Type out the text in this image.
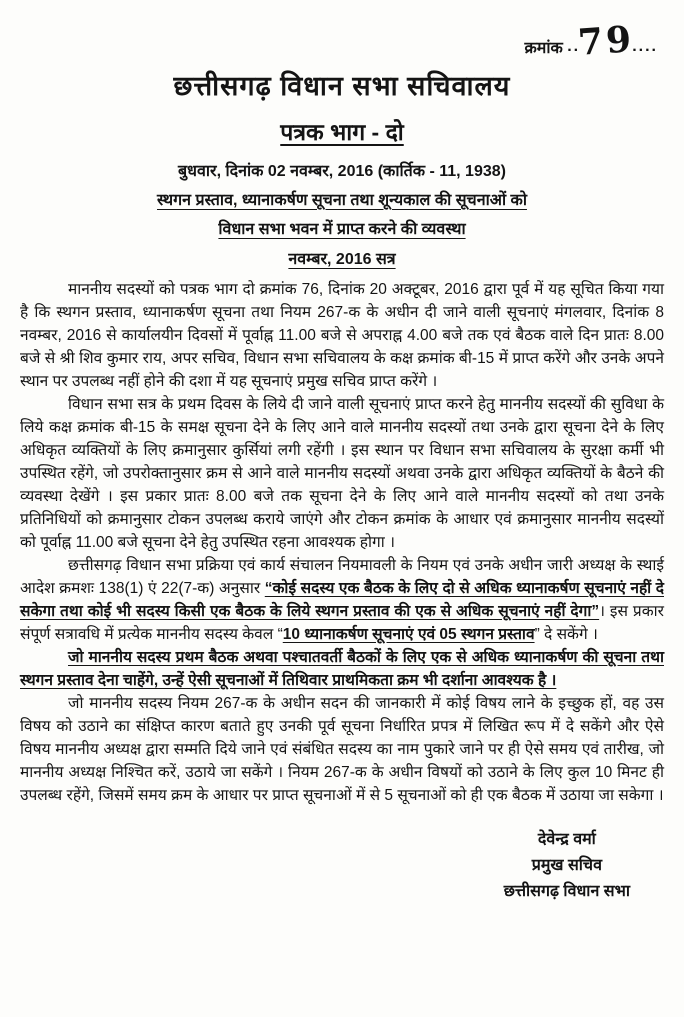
क्रमांक ..79....
छत्तीसगढ़ विधान सभा सचिवालय
पत्रक भाग - दो
बुधवार, दिनांक 02 नवम्बर, 2016 (कार्तिक - 11, 1938)
स्थगन प्रस्ताव, ध्यानाकर्षण सूचना तथा शून्यकाल की सूचनाओं को
विधान सभा भवन में प्राप्त करने की व्यवस्था
नवम्बर, 2016 सत्र

माननीय सदस्यों को पत्रक भाग दो क्रमांक 76, दिनांक 20 अक्टूबर, 2016 द्वारा पूर्व में यह सूचित किया गया है कि स्थगन प्रस्ताव, ध्यानाकर्षण सूचना तथा नियम 267-क के अधीन दी जाने वाली सूचनाएं मंगलवार, दिनांक 8 नवम्बर, 2016 से कार्यालयीन दिवसों में पूर्वाह्न 11.00 बजे से अपराह्न 4.00 बजे तक एवं बैठक वाले दिन प्रातः 8.00 बजे से श्री शिव कुमार राय, अपर सचिव, विधान सभा सचिवालय के कक्ष क्रमांक बी-15 में प्राप्त करेंगे और उनके अपने स्थान पर उपलब्ध नहीं होने की दशा में यह सूचनाएं प्रमुख सचिव प्राप्त करेंगे ।

विधान सभा सत्र के प्रथम दिवस के लिये दी जाने वाली सूचनाएं प्राप्त करने हेतु माननीय सदस्यों की सुविधा के लिये कक्ष क्रमांक बी-15 के समक्ष सूचना देने के लिए आने वाले माननीय सदस्यों तथा उनके द्वारा सूचना देने के लिए अधिकृत व्यक्तियों के लिए क्रमानुसार कुर्सियां लगी रहेंगी । इस स्थान पर विधान सभा सचिवालय के सुरक्षा कर्मी भी उपस्थित रहेंगे, जो उपरोक्तानुसार क्रम से आने वाले माननीय सदस्यों अथवा उनके द्वारा अधिकृत व्यक्तियों के बैठने की व्यवस्था देखेंगे । इस प्रकार प्रातः 8.00 बजे तक सूचना देने के लिए आने वाले माननीय सदस्यों को तथा उनके प्रतिनिधियों को क्रमानुसार टोकन उपलब्ध कराये जाएंगे और टोकन क्रमांक के आधार एवं क्रमानुसार माननीय सदस्यों को पूर्वाह्न 11.00 बजे सूचना देने हेतु उपस्थित रहना आवश्यक होगा ।

छत्तीसगढ़ विधान सभा प्रक्रिया एवं कार्य संचालन नियमावली के नियम एवं उनके अधीन जारी अध्यक्ष के स्थाई आदेश क्रमशः 138(1) एं 22(7-क) अनुसार “कोई सदस्य एक बैठक के लिए दो से अधिक ध्यानाकर्षण सूचनाएं नहीं दे सकेगा तथा कोई भी सदस्य किसी एक बैठक के लिये स्थगन प्रस्ताव की एक से अधिक सूचनाएं नहीं देगा”। इस प्रकार संपूर्ण सत्रावधि में प्रत्येक माननीय सदस्य केवल “10 ध्यानाकर्षण सूचनाएं एवं 05 स्थगन प्रस्ताव” दे सकेंगे ।

जो माननीय सदस्य प्रथम बैठक अथवा पश्चातवर्ती बैठकों के लिए एक से अधिक ध्यानाकर्षण की सूचना तथा स्थगन प्रस्ताव देना चाहेंगे, उन्हें ऐसी सूचनाओं में तिथिवार प्राथमिकता क्रम भी दर्शाना आवश्यक है ।

जो माननीय सदस्य नियम 267-क के अधीन सदन की जानकारी में कोई विषय लाने के इच्छुक हों, वह उस विषय को उठाने का संक्षिप्त कारण बताते हुए उनकी पूर्व सूचना निर्धारित प्रपत्र में लिखित रूप में दे सकेंगे और ऐसे विषय माननीय अध्यक्ष द्वारा सम्मति दिये जाने एवं संबंधित सदस्य का नाम पुकारे जाने पर ही ऐसे समय एवं तारीख, जो माननीय अध्यक्ष निश्चित करें, उठाये जा सकेंगे । नियम 267-क के अधीन विषयों को उठाने के लिए कुल 10 मिनट ही उपलब्ध रहेंगे, जिसमें समय क्रम के आधार पर प्राप्त सूचनाओं में से 5 सूचनाओं को ही एक बैठक में उठाया जा सकेगा ।

देवेन्द्र वर्मा
प्रमुख सचिव
छत्तीसगढ़ विधान सभा
